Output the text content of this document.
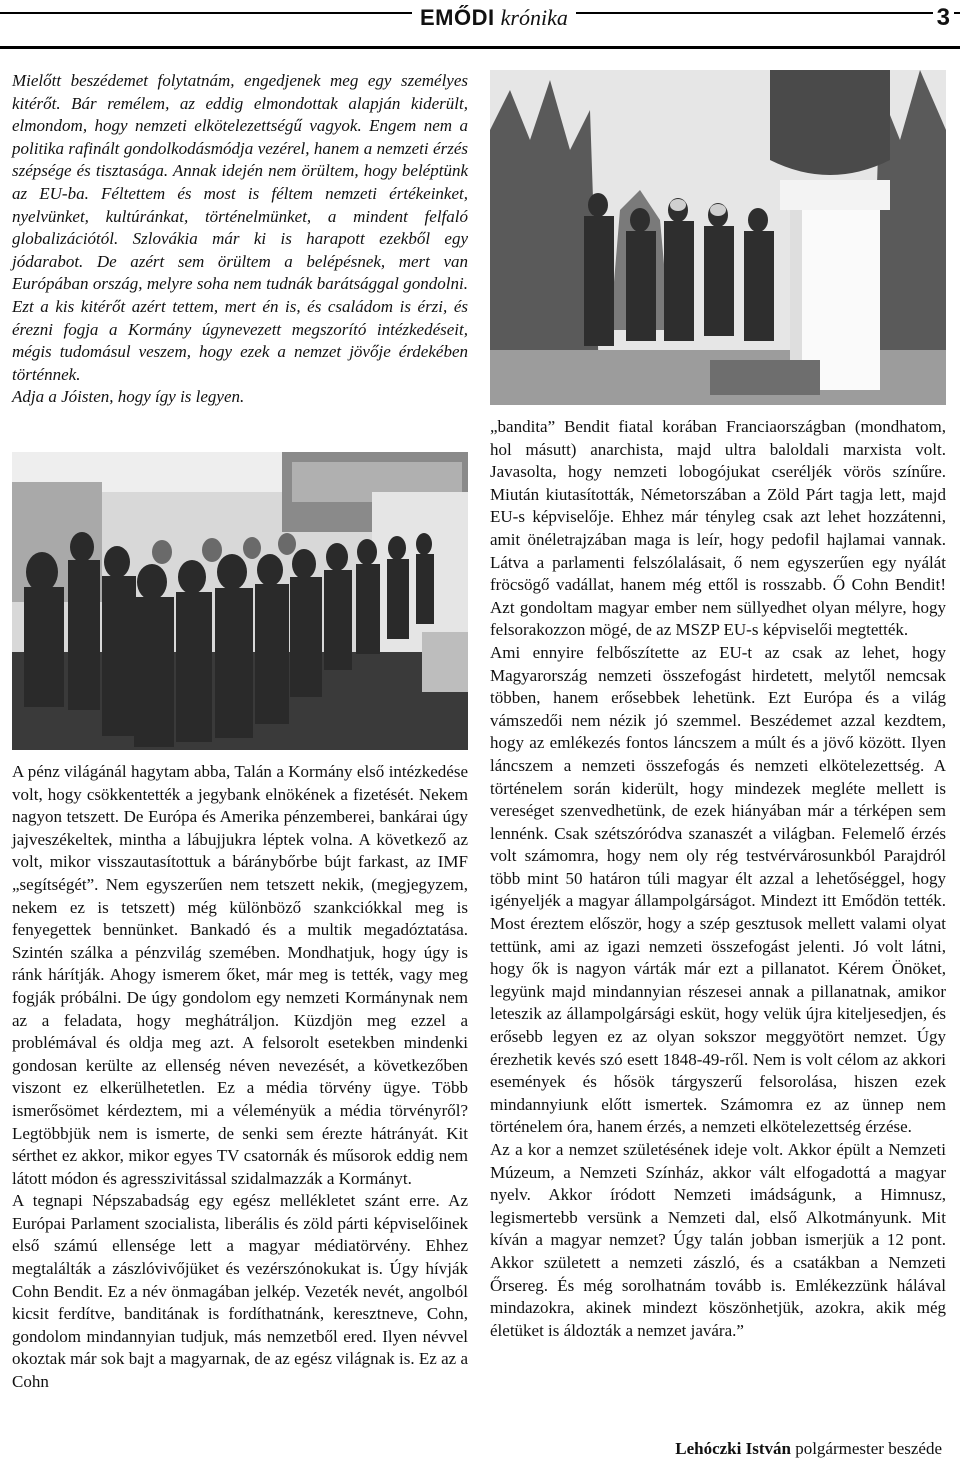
EMŐDI krónika	3

Mielőtt beszédemet folytatnám, engedjenek meg egy személyes kitérőt. Bár remélem, az eddig elmondottak alapján kiderült, elmondom, hogy nemzeti elkötelezettségű vagyok. Engem nem a politika rafinált gondolkodásmódja vezérel, hanem a nemzeti érzés szépsége és tisztasága. Annak idején nem örültem, hogy beléptünk az EU-ba. Féltettem és most is féltem nemzeti értékeinket, nyelvünket, kultúránkat, történelmünket, a mindent felfaló globalizációtól. Szlovákia már ki is harapott ezekből egy jódarabot. De azért sem örültem a belépésnek, mert van Európában ország, melyre soha nem tudnák barátsággal gondolni. Ezt a kis kitérőt azért tettem, mert én is, és családom is érzi, és érezni fogja a Kormány úgynevezett megszorító intézkedéseit, mégis tudomásul veszem, hogy ezek a nemzet jövője érdekében történnek.

Adja a Jóisten, hogy így is legyen.

A pénz világánál hagytam abba, Talán a Kormány első intézkedése volt, hogy csökkentették a jegybank elnökének a fizetését. Nekem nagyon tetszett. De Európa és Amerika pénzemberei, bankárai úgy jajveszékeltek, mintha a lábujjukra léptek volna. A következő az volt, mikor visszautasítottuk a báránybőrbe bújt farkast, az IMF „segítségét”. Nem egyszerűen nem tetszett nekik, (megjegyzem, nekem ez is tetszett) még különböző szankciókkal meg is fenyegettek bennünket. Bankadó és a multik megadóztatása. Szintén szálka a pénzvilág szemében. Mondhatjuk, hogy úgy is ránk hárítják. Ahogy ismerem őket, már meg is tették, vagy meg fogják próbálni. De úgy gondolom egy nemzeti Kormánynak nem az a feladata, hogy meghátráljon. Küzdjön meg ezzel a problémával és oldja meg azt. A felsorolt esetekben mindenki gondosan kerülte az ellenség néven nevezését, a következőben viszont ez elkerülhetetlen. Ez a média törvény ügye. Több ismerősömet kérdeztem, mi a véleményük a média törvényről? Legtöbbjük nem is ismerte, de senki sem érezte hátrányát. Kit sérthet ez akkor, mikor egyes TV csatornák és műsorok eddig nem látott módon és agresszivitással szidalmazzák a Kormányt.

A tegnapi Népszabadság egy egész mellékletet szánt erre. Az Európai Parlament szocialista, liberális és zöld párti képviselőinek első számú ellensége lett a magyar médiatörvény. Ehhez megtalálták a zászlóvivőjüket és vezérszónokukat is. Úgy hívják Cohn Bendit. Ez a név önmagában jelkép. Vezeték nevét, angolból kicsit ferdítve, banditának is fordíthatnánk, keresztneve, Cohn, gondolom mindannyian tudjuk, más nemzetből ered. Ilyen névvel okoztak már sok bajt a magyarnak, de az egész világnak is. Ez az a Cohn

„bandita” Bendit fiatal korában Franciaországban (mondhatom, hol másutt) anarchista, majd ultra baloldali marxista volt. Javasolta, hogy nemzeti lobogójukat cseréljék vörös színűre. Miután kiutasították, Németorszában a Zöld Párt tagja lett, majd EU-s képviselője. Ehhez már tényleg csak azt lehet hozzátenni, amit önéletrajzában maga is leír, hogy pedofil hajlamai vannak. Látva a parlamenti felszólalásait, ő nem egyszerűen egy nyálát fröcsögő vadállat, hanem még ettől is rosszabb. Ő Cohn Bendit! Azt gondoltam magyar ember nem süllyedhet olyan mélyre, hogy felsorakozzon mögé, de az MSZP EU-s képviselői megtették.

Ami ennyire felbőszítette az EU-t az csak az lehet, hogy Magyarország nemzeti összefogást hirdetett, melytől nemcsak többen, hanem erősebbek lehetünk. Ezt Európa és a világ vámszedői nem nézik jó szemmel. Beszédemet azzal kezdtem, hogy az emlékezés fontos láncszem a múlt és a jövő között. Ilyen láncszem a nemzeti összefogás és nemzeti elkötelezettség. A történelem során kiderült, hogy mindezek megléte mellett is vereséget szenvedhetünk, de ezek hiányában már a térképen sem lennénk. Csak szétszóródva szanaszét a világban. Felemelő érzés volt számomra, hogy nem oly rég testvérvárosunkból Parajdról több mint 50 határon túli magyar élt azzal a lehetőséggel, hogy igényeljék a magyar állampolgárságot. Mindezt itt Emődön tették. Most éreztem először, hogy a szép gesztusok mellett valami olyat tettünk, ami az igazi nemzeti összefogást jelenti. Jó volt látni, hogy ők is nagyon várták már ezt a pillanatot. Kérem Önöket, legyünk majd mindannyian részesei annak a pillanatnak, amikor leteszik az állampolgársági esküt, hogy velük újra kiteljesedjen, és erősebb legyen ez az olyan sokszor meggyötört nemzet. Úgy érezhetik kevés szó esett 1848-49-ről. Nem is volt célom az akkori események és hősök tárgyszerű felsorolása, hiszen ezek mindannyiunk előtt ismertek. Számomra ez az ünnep nem történelem óra, hanem érzés, a nemzeti elkötelezettség érzése.

Az a kor a nemzet születésének ideje volt. Akkor épült a Nemzeti Múzeum, a Nemzeti Színház, akkor vált elfogadottá a magyar nyelv. Akkor íródott Nemzeti imádságunk, a Himnusz, legismertebb versünk a Nemzeti dal, első Alkotmányunk. Mit kíván a magyar nemzet? Úgy talán jobban ismerjük a 12 pont. Akkor született a nemzeti zászló, és a csatákban a Nemzeti Őrsereg. És még sorolhatnám tovább is. Emlékezzünk hálával mindazokra, akinek mindezt köszönhetjük, azokra, akik még életüket is áldozták a nemzet javára.”

Lehóczki István polgármester beszéde
